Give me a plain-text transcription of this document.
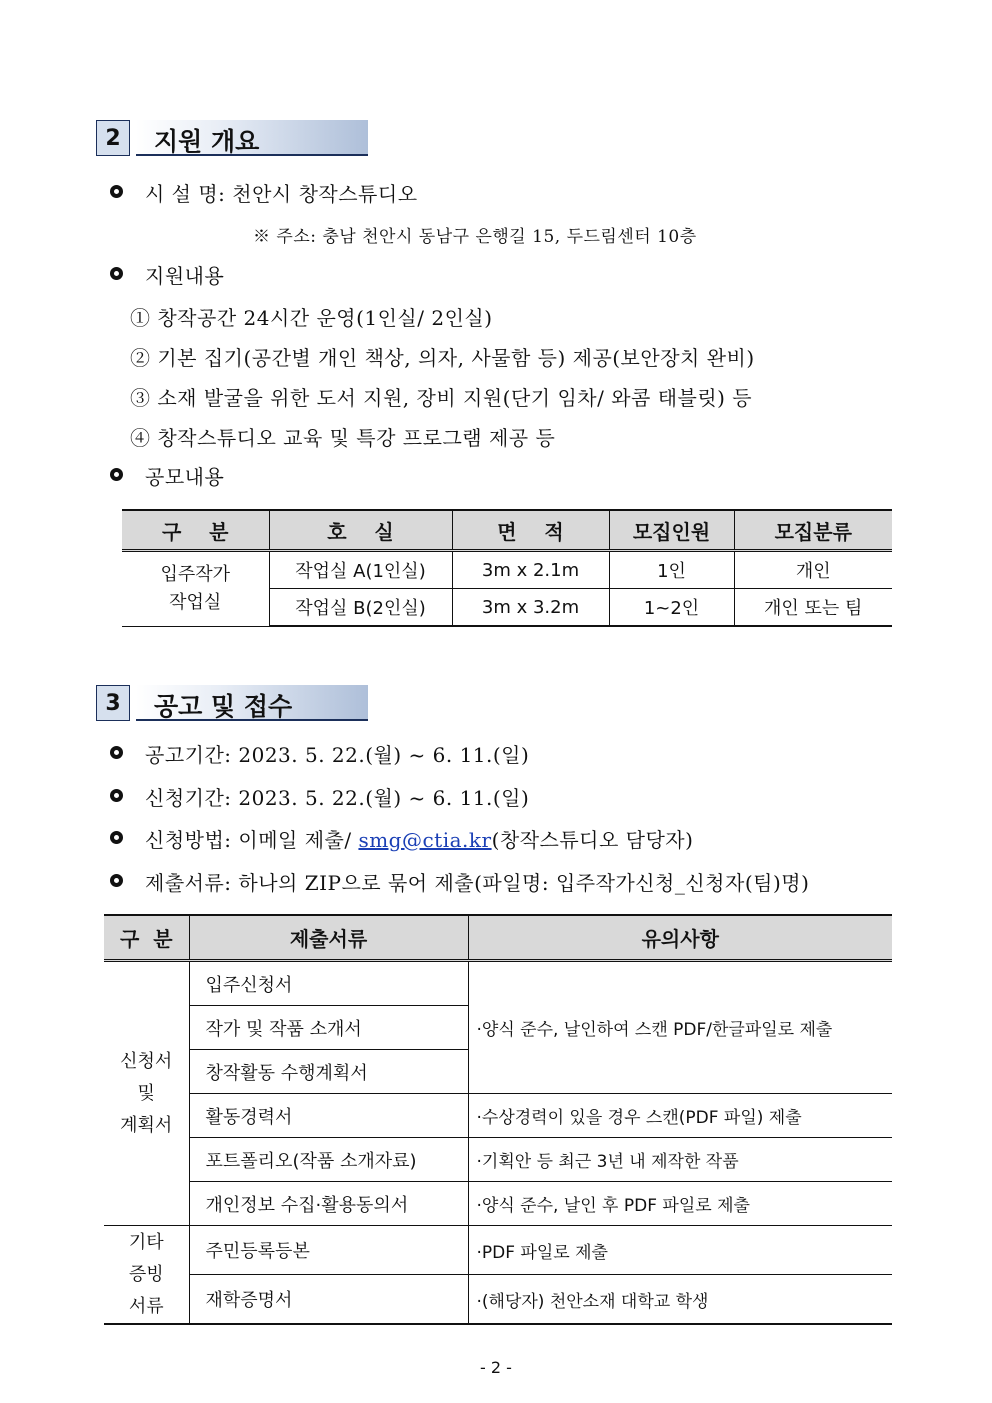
2	지원 개요
시 설 명: 천안시 창작스튜디오
※ 주소: 충남 천안시 동남구 은행길 15, 두드림센터 10층
지원내용
① 창작공간 24시간 운영(1인실/ 2인실)
② 기본 집기(공간별 개인 책상, 의자, 사물함 등) 제공(보안장치 완비)
③ 소재 발굴을 위한 도서 지원, 장비 지원(단기 임차/ 와콤 태블릿) 등
④ 창작스튜디오 교육 및 특강 프로그램 제공 등
공모내용
구    분	호    실	면    적	모집인원	모집분류
입주작가
작업실	작업실 A(1인실)	3m x 2.1m	1인	개인
	작업실 B(2인실)	3m x 3.2m	1~2인	개인 또는 팀
3	공고 및 접수
공고기간: 2023. 5. 22.(월) ~ 6. 11.(일)
신청기간: 2023. 5. 22.(월) ~ 6. 11.(일)
신청방법: 이메일 제출/ smg@ctia.kr(창작스튜디오 담당자)
제출서류: 하나의 ZIP으로 묶어 제출(파일명: 입주작가신청_신청자(팀)명)
구  분	제출서류	유의사항
신청서
및
계획서	입주신청서	·양식 준수, 날인하여 스캔 PDF/한글파일로 제출
	작가 및 작품 소개서	
	창작활동 수행계획서	
	활동경력서	·수상경력이 있을 경우 스캔(PDF 파일) 제출
	포트폴리오(작품 소개자료)	·기획안 등 최근 3년 내 제작한 작품
	개인정보 수집·활용동의서	·양식 준수, 날인 후 PDF 파일로 제출
기타
증빙
서류	주민등록등본	·PDF 파일로 제출
	재학증명서	·(해당자) 천안소재 대학교 학생
- 2 -
